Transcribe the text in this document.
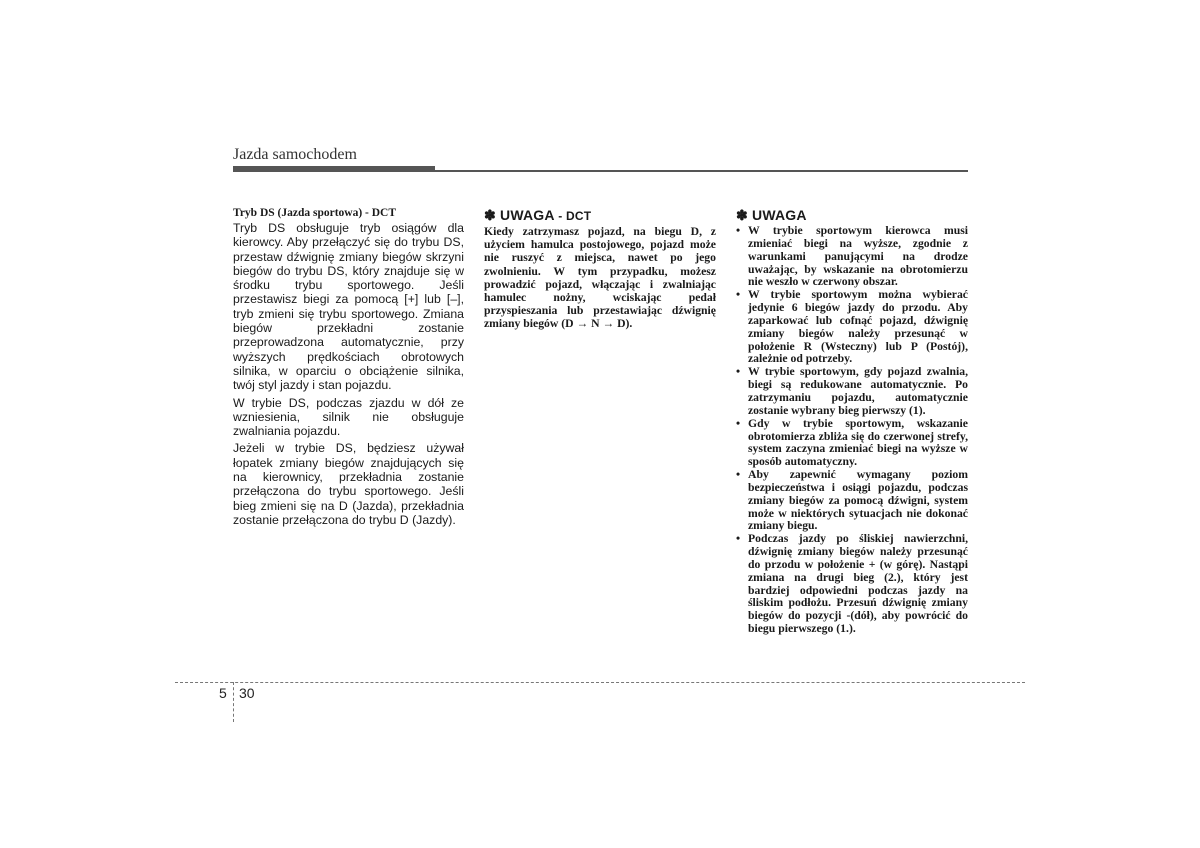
Jazda samochodem
Tryb DS (Jazda sportowa) - DCT

Tryb DS obsługuje tryb osiągów dla kierowcy. Aby przełączyć się do trybu DS, przestaw dźwignię zmiany biegów skrzyni biegów do trybu DS, który znajduje się w środku trybu sportowego. Jeśli przestawisz biegi za pomocą [+] lub [–], tryb zmieni się trybu sportowego. Zmiana biegów przekładni zostanie przeprowadzona automatycznie, przy wyższych prędkościach obrotowych silnika, w oparciu o obciążenie silnika, twój styl jazdy i stan pojazdu.

W trybie DS, podczas zjazdu w dół ze wzniesienia, silnik nie obsługuje zwalniania pojazdu.

Jeżeli w trybie DS, będziesz używał łopatek zmiany biegów znajdujących się na kierownicy, przekładnia zostanie przełączona do trybu sportowego. Jeśli bieg zmieni się na D (Jazda), przekładnia zostanie przełączona do trybu D (Jazdy).

✽ UWAGA - DCT

Kiedy zatrzymasz pojazd, na biegu D, z użyciem hamulca postojowego, pojazd może nie ruszyć z miejsca, nawet po jego zwolnieniu. W tym przypadku, możesz prowadzić pojazd, włączając i zwalniając hamulec nożny, wciskając pedał przyspieszania lub przestawiając dźwignię zmiany biegów (D → N → D).

✽ UWAGA
• W trybie sportowym kierowca musi zmieniać biegi na wyższe, zgodnie z warunkami panującymi na drodze uważając, by wskazanie na obrotomierzu nie weszło w czerwony obszar.
• W trybie sportowym można wybierać jedynie 6 biegów jazdy do przodu. Aby zaparkować lub cofnąć pojazd, dźwignię zmiany biegów należy przesunąć w położenie R (Wsteczny) lub P (Postój), zależnie od potrzeby.
• W trybie sportowym, gdy pojazd zwalnia, biegi są redukowane automatycznie. Po zatrzymaniu pojazdu, automatycznie zostanie wybrany bieg pierwszy (1).
• Gdy w trybie sportowym, wskazanie obrotomierza zbliża się do czerwonej strefy, system zaczyna zmieniać biegi na wyższe w sposób automatyczny.
• Aby zapewnić wymagany poziom bezpieczeństwa i osiągi pojazdu, podczas zmiany biegów za pomocą dźwigni, system może w niektórych sytuacjach nie dokonać zmiany biegu.
• Podczas jazdy po śliskiej nawierzchni, dźwignię zmiany biegów należy przesunąć do przodu w położenie + (w górę). Nastąpi zmiana na drugi bieg (2.), który jest bardziej odpowiedni podczas jazdy na śliskim podłożu. Przesuń dźwignię zmiany biegów do pozycji -(dół), aby powrócić do biegu pierwszego (1.).
5 30
